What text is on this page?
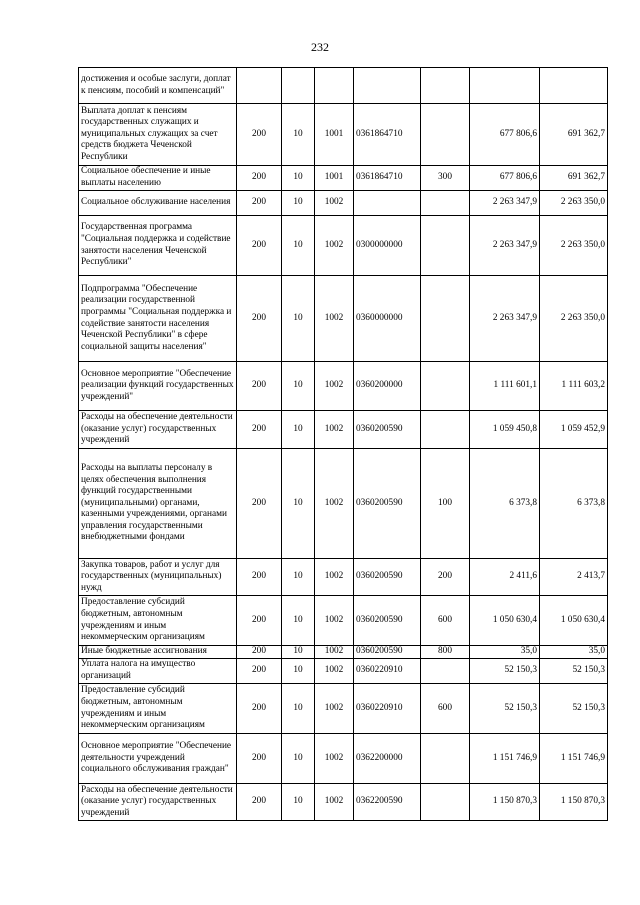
232
достижения и особые заслуги, доплат к пенсиям, пособий и компенсаций"							
Выплата доплат к пенсиям государственных служащих и муниципальных служащих за счет средств бюджета Чеченской Республики	200	10	1001	0361864710		677 806,6	691 362,7
Социальное обеспечение и иные выплаты населению	200	10	1001	0361864710	300	677 806,6	691 362,7
Социальное обслуживание населения	200	10	1002			2 263 347,9	2 263 350,0
Государственная программа "Социальная поддержка и содействие занятости населения Чеченской Республики"	200	10	1002	0300000000		2 263 347,9	2 263 350,0
Подпрограмма "Обеспечение реализации государственной программы "Социальная поддержка и содействие занятости населения Чеченской Республики" в сфере социальной защиты населения"	200	10	1002	0360000000		2 263 347,9	2 263 350,0
Основное мероприятие "Обеспечение реализации функций государственных учреждений"	200	10	1002	0360200000		1 111 601,1	1 111 603,2
Расходы на обеспечение деятельности (оказание услуг) государственных учреждений	200	10	1002	0360200590		1 059 450,8	1 059 452,9
Расходы на выплаты персоналу в целях обеспечения выполнения функций государственными (муниципальными) органами, казенными учреждениями, органами управления государственными внебюджетными фондами	200	10	1002	0360200590	100	6 373,8	6 373,8
Закупка товаров, работ и услуг для государственных (муниципальных) нужд	200	10	1002	0360200590	200	2 411,6	2 413,7
Предоставление субсидий бюджетным, автономным учреждениям и иным некоммерческим организациям	200	10	1002	0360200590	600	1 050 630,4	1 050 630,4
Иные бюджетные ассигнования	200	10	1002	0360200590	800	35,0	35,0
Уплата налога на имущество организаций	200	10	1002	0360220910		52 150,3	52 150,3
Предоставление субсидий бюджетным, автономным учреждениям и иным некоммерческим организациям	200	10	1002	0360220910	600	52 150,3	52 150,3
Основное мероприятие "Обеспечение деятельности учреждений социального обслуживания граждан"	200	10	1002	0362200000		1 151 746,9	1 151 746,9
Расходы на обеспечение деятельности (оказание услуг) государственных учреждений	200	10	1002	0362200590		1 150 870,3	1 150 870,3
